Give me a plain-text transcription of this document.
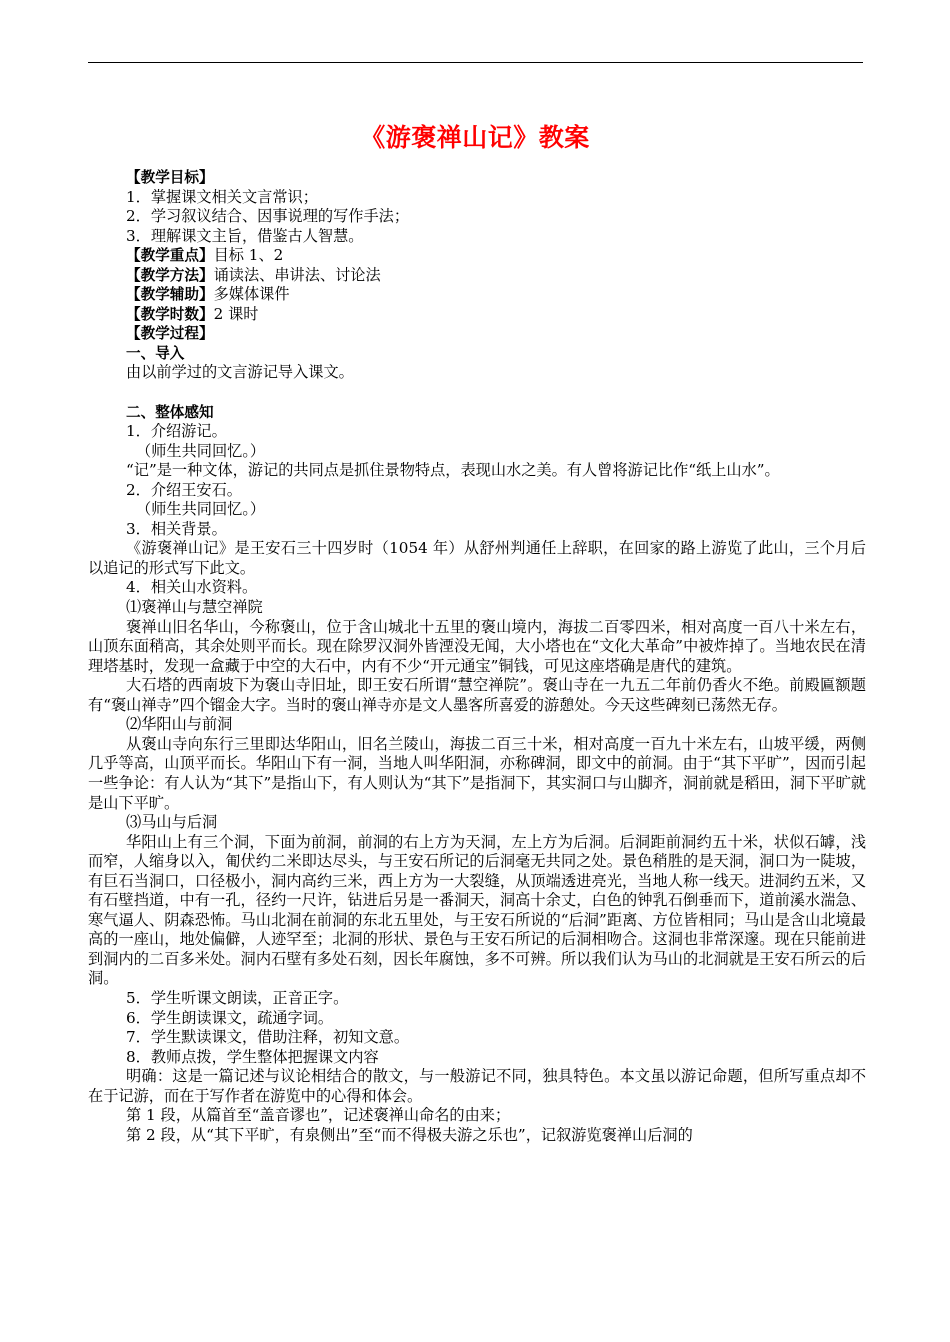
《游褒禅山记》教案

【教学目标】

1．掌握课文相关文言常识；

2．学习叙议结合、因事说理的写作手法；

3．理解课文主旨，借鉴古人智慧。

【教学重点】目标 1、2

【教学方法】诵读法、串讲法、讨论法

【教学辅助】多媒体课件

【教学时数】2 课时

【教学过程】

一、导入

由以前学过的文言游记导入课文。

二、整体感知

1．介绍游记。

（师生共同回忆。）

“记”是一种文体，游记的共同点是抓住景物特点，表现山水之美。有人曾将游记比作“纸上山水”。

2．介绍王安石。

（师生共同回忆。）

3．相关背景。

《游褒禅山记》是王安石三十四岁时（1054 年）从舒州判通任上辞职，在回家的路上游览了此山，三个月后以追记的形式写下此文。

4．相关山水资料。

⑴褒禅山与慧空禅院

褒禅山旧名华山，今称褒山，位于含山城北十五里的褒山境内，海拔二百零四米，相对高度一百八十米左右，山顶东面稍高，其余处则平而长。现在除罗汉洞外皆湮没无闻，大小塔也在“文化大革命”中被炸掉了。当地农民在清理塔基时，发现一盒藏于中空的大石中，内有不少“开元通宝”铜钱，可见这座塔确是唐代的建筑。

大石塔的西南坡下为褒山寺旧址，即王安石所谓“慧空禅院”。褒山寺在一九五二年前仍香火不绝。前殿匾额题有“褒山禅寺”四个镏金大字。当时的褒山禅寺亦是文人墨客所喜爱的游憩处。今天这些碑刻已荡然无存。

⑵华阳山与前洞

从褒山寺向东行三里即达华阳山，旧名兰陵山，海拔二百三十米，相对高度一百九十米左右，山坡平缓，两侧几乎等高，山顶平而长。华阳山下有一洞，当地人叫华阳洞，亦称碑洞，即文中的前洞。由于“其下平旷”，因而引起一些争论：有人认为“其下”是指山下，有人则认为“其下”是指洞下，其实洞口与山脚齐，洞前就是稻田，洞下平旷就是山下平旷。

⑶马山与后洞

华阳山上有三个洞，下面为前洞，前洞的右上方为天洞，左上方为后洞。后洞距前洞约五十米，状似石罅，浅而窄，人缩身以入，匍伏约二米即达尽头，与王安石所记的后洞毫无共同之处。景色稍胜的是天洞，洞口为一陡坡，有巨石当洞口，口径极小，洞内高约三米，西上方为一大裂缝，从顶端透进亮光，当地人称一线天。进洞约五米，又有石壁挡道，中有一孔，径约一尺许，钻进后另是一番洞天，洞高十余丈，白色的钟乳石倒垂而下，道前溪水湍急、寒气逼人、阴森恐怖。马山北洞在前洞的东北五里处，与王安石所说的“后洞”距离、方位皆相同；马山是含山北境最高的一座山，地处偏僻，人迹罕至；北洞的形状、景色与王安石所记的后洞相吻合。这洞也非常深邃。现在只能前进到洞内的二百多米处。洞内石壁有多处石刻，因长年腐蚀，多不可辨。所以我们认为马山的北洞就是王安石所云的后洞。

5．学生听课文朗读，正音正字。

6．学生朗读课文，疏通字词。

7．学生默读课文，借助注释，初知文意。

8．教师点拨，学生整体把握课文内容

明确：这是一篇记述与议论相结合的散文，与一般游记不同，独具特色。本文虽以游记命题，但所写重点却不在于记游，而在于写作者在游览中的心得和体会。

第 1 段，从篇首至“盖音谬也”，记述褒禅山命名的由来；

第 2 段，从“其下平旷，有泉侧出”至“而不得极夫游之乐也”，记叙游览褒禅山后洞的
